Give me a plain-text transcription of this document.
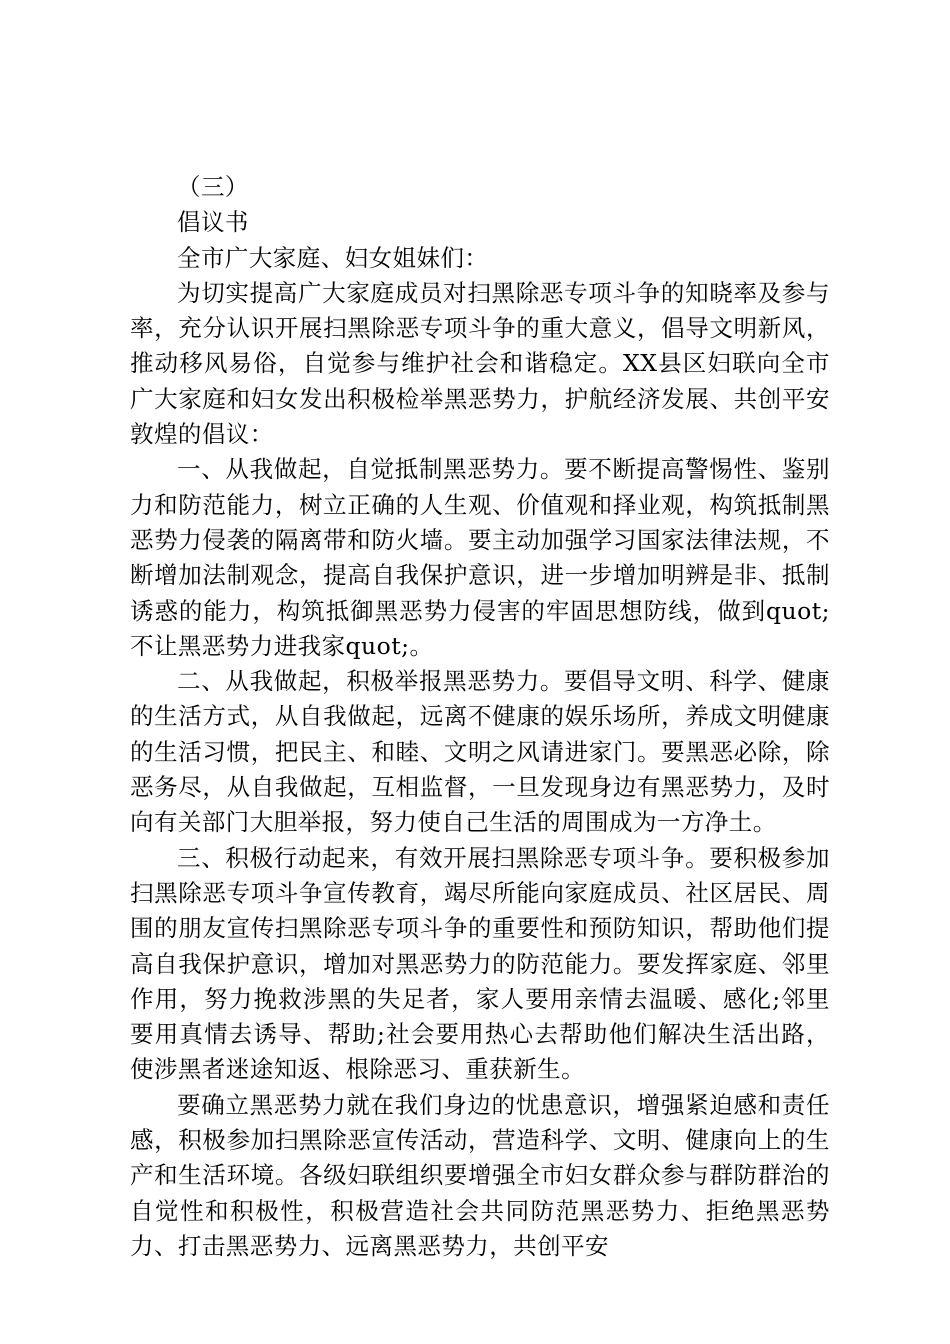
（三）

倡议书

全市广大家庭、妇女姐妹们：

为切实提高广大家庭成员对扫黑除恶专项斗争的知晓率及参与率，充分认识开展扫黑除恶专项斗争的重大意义，倡导文明新风，推动移风易俗，自觉参与维护社会和谐稳定。XX县区妇联向全市广大家庭和妇女发出积极检举黑恶势力，护航经济发展、共创平安敦煌的倡议：

一、从我做起，自觉抵制黑恶势力。要不断提高警惕性、鉴别力和防范能力，树立正确的人生观、价值观和择业观，构筑抵制黑恶势力侵袭的隔离带和防火墙。要主动加强学习国家法律法规，不断增加法制观念，提高自我保护意识，进一步增加明辨是非、抵制诱惑的能力，构筑抵御黑恶势力侵害的牢固思想防线，做到quot;不让黑恶势力进我家quot;。

二、从我做起，积极举报黑恶势力。要倡导文明、科学、健康的生活方式，从自我做起，远离不健康的娱乐场所，养成文明健康的生活习惯，把民主、和睦、文明之风请进家门。要黑恶必除，除恶务尽，从自我做起，互相监督，一旦发现身边有黑恶势力，及时向有关部门大胆举报，努力使自己生活的周围成为一方净土。

三、积极行动起来，有效开展扫黑除恶专项斗争。要积极参加扫黑除恶专项斗争宣传教育，竭尽所能向家庭成员、社区居民、周围的朋友宣传扫黑除恶专项斗争的重要性和预防知识，帮助他们提高自我保护意识，增加对黑恶势力的防范能力。要发挥家庭、邻里作用，努力挽救涉黑的失足者，家人要用亲情去温暖、感化;邻里要用真情去诱导、帮助;社会要用热心去帮助他们解决生活出路，使涉黑者迷途知返、根除恶习、重获新生。

要确立黑恶势力就在我们身边的忧患意识，增强紧迫感和责任感，积极参加扫黑除恶宣传活动，营造科学、文明、健康向上的生产和生活环境。各级妇联组织要增强全市妇女群众参与群防群治的自觉性和积极性，积极营造社会共同防范黑恶势力、拒绝黑恶势力、打击黑恶势力、远离黑恶势力，共创平安
